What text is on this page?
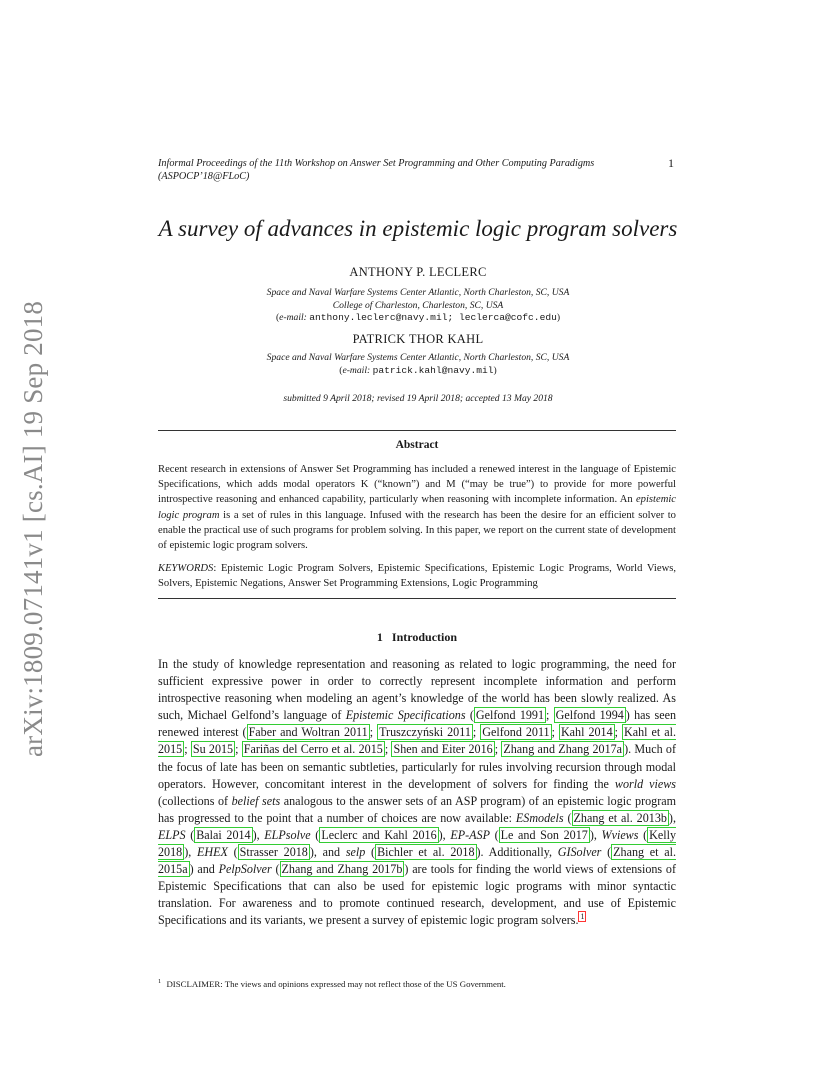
arXiv:1809.07141v1 [cs.AI] 19 Sep 2018
Informal Proceedings of the 11th Workshop on Answer Set Programming and Other Computing Paradigms
(ASPOCP’18@FLoC)
1
A survey of advances in epistemic logic program solvers
ANTHONY P. LECLERC
Space and Naval Warfare Systems Center Atlantic, North Charleston, SC, USA
College of Charleston, Charleston, SC, USA
(e-mail: anthony.leclerc@navy.mil; leclerca@cofc.edu)
PATRICK THOR KAHL
Space and Naval Warfare Systems Center Atlantic, North Charleston, SC, USA
(e-mail: patrick.kahl@navy.mil)
submitted 9 April 2018; revised 19 April 2018; accepted 13 May 2018
Abstract
Recent research in extensions of Answer Set Programming has included a renewed interest in the language of Epistemic Specifications, which adds modal operators K (“known”) and M (“may be true”) to provide for more powerful introspective reasoning and enhanced capability, particularly when reasoning with incomplete information. An epistemic logic program is a set of rules in this language. Infused with the research has been the desire for an efficient solver to enable the practical use of such programs for problem solving. In this paper, we report on the current state of development of epistemic logic program solvers.
KEYWORDS: Epistemic Logic Program Solvers, Epistemic Specifications, Epistemic Logic Programs, World Views, Solvers, Epistemic Negations, Answer Set Programming Extensions, Logic Programming
1 Introduction
In the study of knowledge representation and reasoning as related to logic programming, the need for sufficient expressive power in order to correctly represent incomplete information and perform introspective reasoning when modeling an agent’s knowledge of the world has been slowly realized. As such, Michael Gelfond’s language of Epistemic Specifications ( Gelfond 1991 ; Gelfond 1994 ) has seen renewed interest ( Faber and Woltran 2011 ; Truszczyński 2011 ; Gelfond 2011 ; Kahl 2014 ; Kahl et al. 2015 ; Su 2015 ; Fariñas del Cerro et al. 2015 ; Shen and Eiter 2016 ; Zhang and Zhang 2017a ). Much of the focus of late has been on semantic subtleties, particularly for rules involving recursion through modal operators. However, concomitant interest in the development of solvers for finding the world views (collections of belief sets analogous to the answer sets of an ASP program) of an epistemic logic program has progressed to the point that a number of choices are now available: ESmodels ( Zhang et al. 2013b ), ELPS ( Balai 2014 ), ELPsolve ( Leclerc and Kahl 2016 ), EP-ASP ( Le and Son 2017 ), Wviews ( Kelly 2018 ), EHEX ( Strasser 2018 ), and selp ( Bichler et al. 2018 ). Additionally, GISolver ( Zhang et al. 2015a ) and PelpSolver ( Zhang and Zhang 2017b ) are tools for finding the world views of extensions of Epistemic Specifications that can also be used for epistemic logic programs with minor syntactic translation. For awareness and to promote continued research, development, and use of Epistemic Specifications and its variants, we present a survey of epistemic logic program solvers. $^1$
$^1$ DISCLAIMER: The views and opinions expressed may not reflect those of the US Government.
